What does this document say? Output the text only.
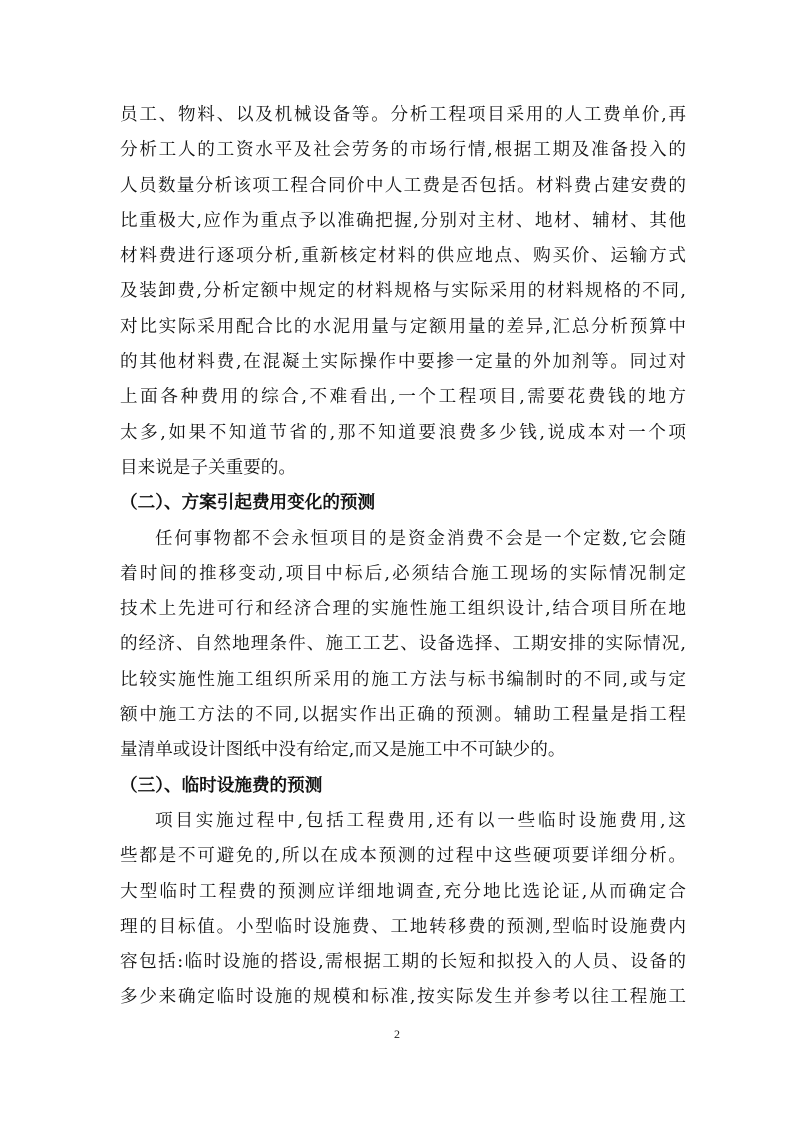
员工、物料、以及机械设备等。分析工程项目采用的人工费单价,再
分析工人的工资水平及社会劳务的市场行情,根据工期及准备投入的
人员数量分析该项工程合同价中人工费是否包括。材料费占建安费的
比重极大,应作为重点予以准确把握,分别对主材、地材、辅材、其他
材料费进行逐项分析,重新核定材料的供应地点、购买价、运输方式
及装卸费,分析定额中规定的材料规格与实际采用的材料规格的不同,
对比实际采用配合比的水泥用量与定额用量的差异,汇总分析预算中
的其他材料费,在混凝土实际操作中要掺一定量的外加剂等。同过对
上面各种费用的综合,不难看出,一个工程项目,需要花费钱的地方
太多,如果不知道节省的,那不知道要浪费多少钱,说成本对一个项
目来说是子关重要的。
（二）、方案引起费用变化的预测
任何事物都不会永恒项目的是资金消费不会是一个定数,它会随
着时间的推移变动,项目中标后,必须结合施工现场的实际情况制定
技术上先进可行和经济合理的实施性施工组织设计,结合项目所在地
的经济、自然地理条件、施工工艺、设备选择、工期安排的实际情况,
比较实施性施工组织所采用的施工方法与标书编制时的不同,或与定
额中施工方法的不同,以据实作出正确的预测。辅助工程量是指工程
量清单或设计图纸中没有给定,而又是施工中不可缺少的。
（三）、临时设施费的预测
项目实施过程中,包括工程费用,还有以一些临时设施费用,这
些都是不可避免的,所以在成本预测的过程中这些硬项要详细分析。
大型临时工程费的预测应详细地调查,充分地比选论证,从而确定合
理的目标值。小型临时设施费、工地转移费的预测,型临时设施费内
容包括:临时设施的搭设,需根据工期的长短和拟投入的人员、设备的
多少来确定临时设施的规模和标准,按实际发生并参考以往工程施工
2
